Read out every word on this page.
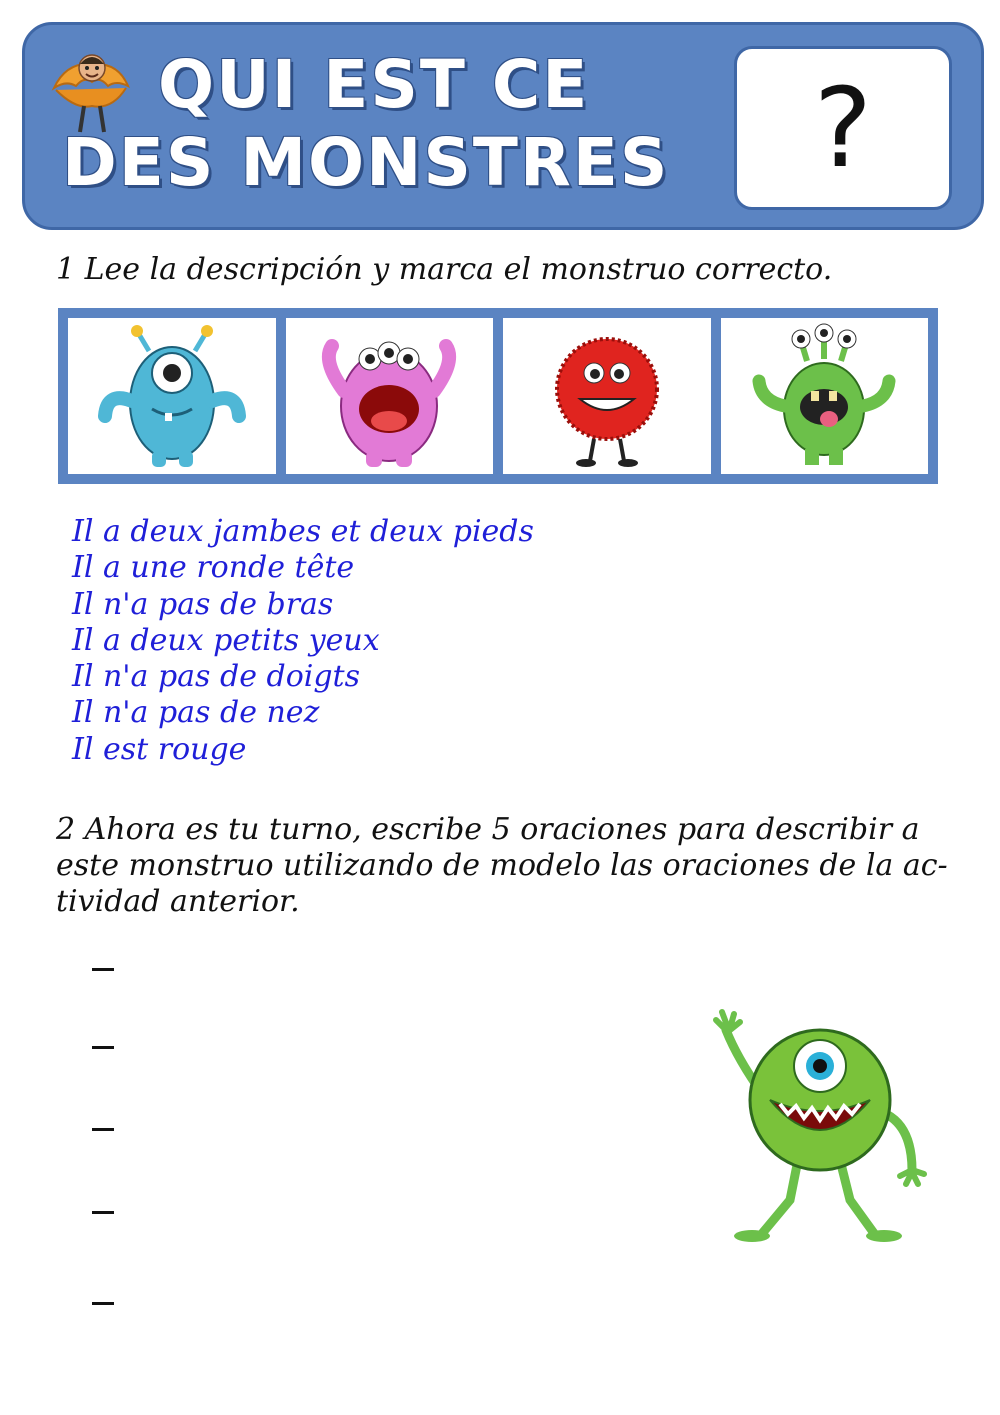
QUI EST CE
DES MONSTRES	?
1 Lee la descripción y marca el monstruo correcto.
Il a deux jambes et deux pieds
Il a une ronde tête
Il n'a pas de bras
Il a deux petits yeux
Il n'a pas de doigts
Il n'a pas de nez
Il est rouge
2 Ahora es tu turno, escribe 5 oraciones para describir a
este monstruo utilizando de modelo las oraciones de la ac-
tividad anterior.
